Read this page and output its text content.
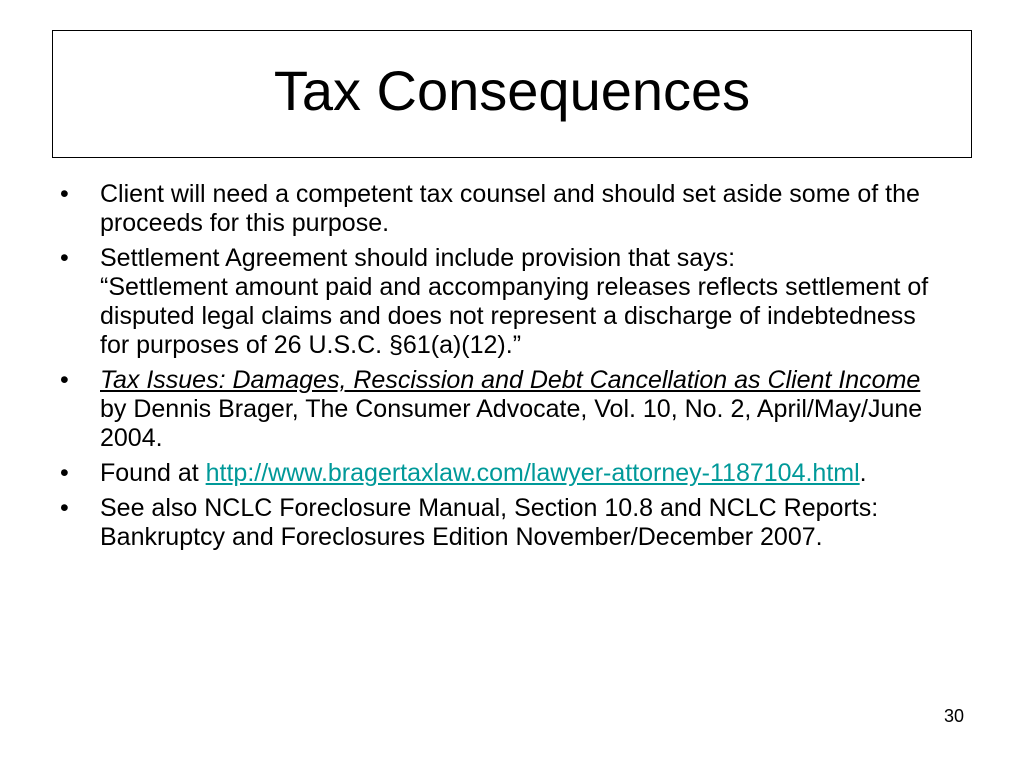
Tax Consequences
• Client will need a competent tax counsel and should set aside some of the proceeds for this purpose.
• Settlement Agreement should include provision that says:
“Settlement amount paid and accompanying releases reflects settlement of disputed legal claims and does not represent a discharge of indebtedness for purposes of 26 U.S.C. §61(a)(12).”
• Tax Issues: Damages, Rescission and Debt Cancellation as Client Income by Dennis Brager, The Consumer Advocate, Vol. 10, No. 2, April/May/June 2004.
• Found at http://www.bragertaxlaw.com/lawyer-attorney-1187104.html.
• See also NCLC Foreclosure Manual, Section 10.8 and NCLC Reports: Bankruptcy and Foreclosures Edition November/December 2007.
30
